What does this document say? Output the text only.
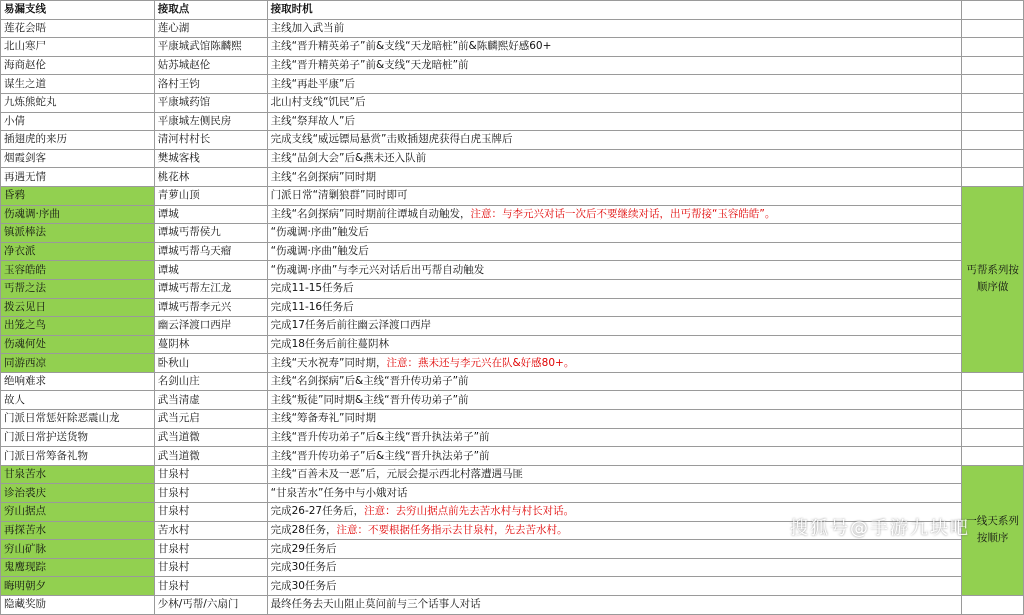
易漏支线	接取点	接取时机	
莲花会晤	莲心湖	主线加入武当前	
北山寒尸	平康城武馆陈麟熙	主线“晋升精英弟子”前&支线“天龙暗桩”前&陈麟熙好感60+	
海商赵伦	姑苏城赵伦	主线“晋升精英弟子”前&支线“天龙暗桩”前	
谋生之道	洛村王钧	主线“再赴平康”后	
九炼熊蛇丸	平康城药馆	北山村支线“饥民”后	
小倩	平康城左侧民房	主线“祭拜故人”后	
插翅虎的来历	清河村村长	完成支线“威远镖局悬赏”击败插翅虎获得白虎玉牌后	
烟霞剑客	樊城客栈	主线“品剑大会”后&燕未还入队前	
再遇无情	桃花林	主线“名剑探病”同时期	
昏鸦	青萝山顶	门派日常“清剿狼群”同时即可	丐帮系列按顺序做
伤魂调·序曲	谭城	主线“名剑探病”同时期前往谭城自动触发，注意：与李元兴对话一次后不要继续对话，出丐帮接“玉容皓皓”。	
镇派棒法	谭城丐帮侯九	“伤魂调·序曲”触发后	
净衣派	谭城丐帮乌天瘤	“伤魂调·序曲”触发后	
玉容皓皓	谭城	“伤魂调·序曲”与李元兴对话后出丐帮自动触发	
丐帮之法	谭城丐帮左江龙	完成11-15任务后	
拨云见日	谭城丐帮李元兴	完成11-16任务后	
出笼之鸟	幽云泽渡口西岸	完成17任务后前往幽云泽渡口西岸	
伤魂何处	蔓阴林	完成18任务后前往蔓阴林	
同游西凉	卧秋山	主线“天水祝寿”同时期，注意：燕未还与李元兴在队&好感80+。	
绝响难求	名剑山庄	主线“名剑探病”后&主线“晋升传功弟子”前	
故人	武当清虚	主线“叛徒”同时期&主线“晋升传功弟子”前	
门派日常惩奸除恶震山龙	武当元启	主线“筹备寿礼”同时期	
门派日常护送货物	武当道微	主线“晋升传功弟子”后&主线“晋升执法弟子”前	
门派日常筹备礼物	武当道微	主线“晋升传功弟子”后&主线“晋升执法弟子”前	
甘泉苦水	甘泉村	主线“百善未及一恶”后，元辰会提示西北村落遭遇马匪	一线天系列按顺序
诊治裘庆	甘泉村	“甘泉苦水”任务中与小娥对话	
穷山据点	甘泉村	完成26-27任务后，注意：去穷山据点前先去苦水村与村长对话。	
再探苦水	苦水村	完成28任务，注意：不要根据任务指示去甘泉村，先去苦水村。	
穷山矿脉	甘泉村	完成29任务后	
鬼鹰现踪	甘泉村	完成30任务后	
晦明朝夕	甘泉村	完成30任务后	
隐藏奖励	少林/丐帮/六扇门	最终任务去天山阻止莫问前与三个话事人对话	
搜狐号@手游九块吧
